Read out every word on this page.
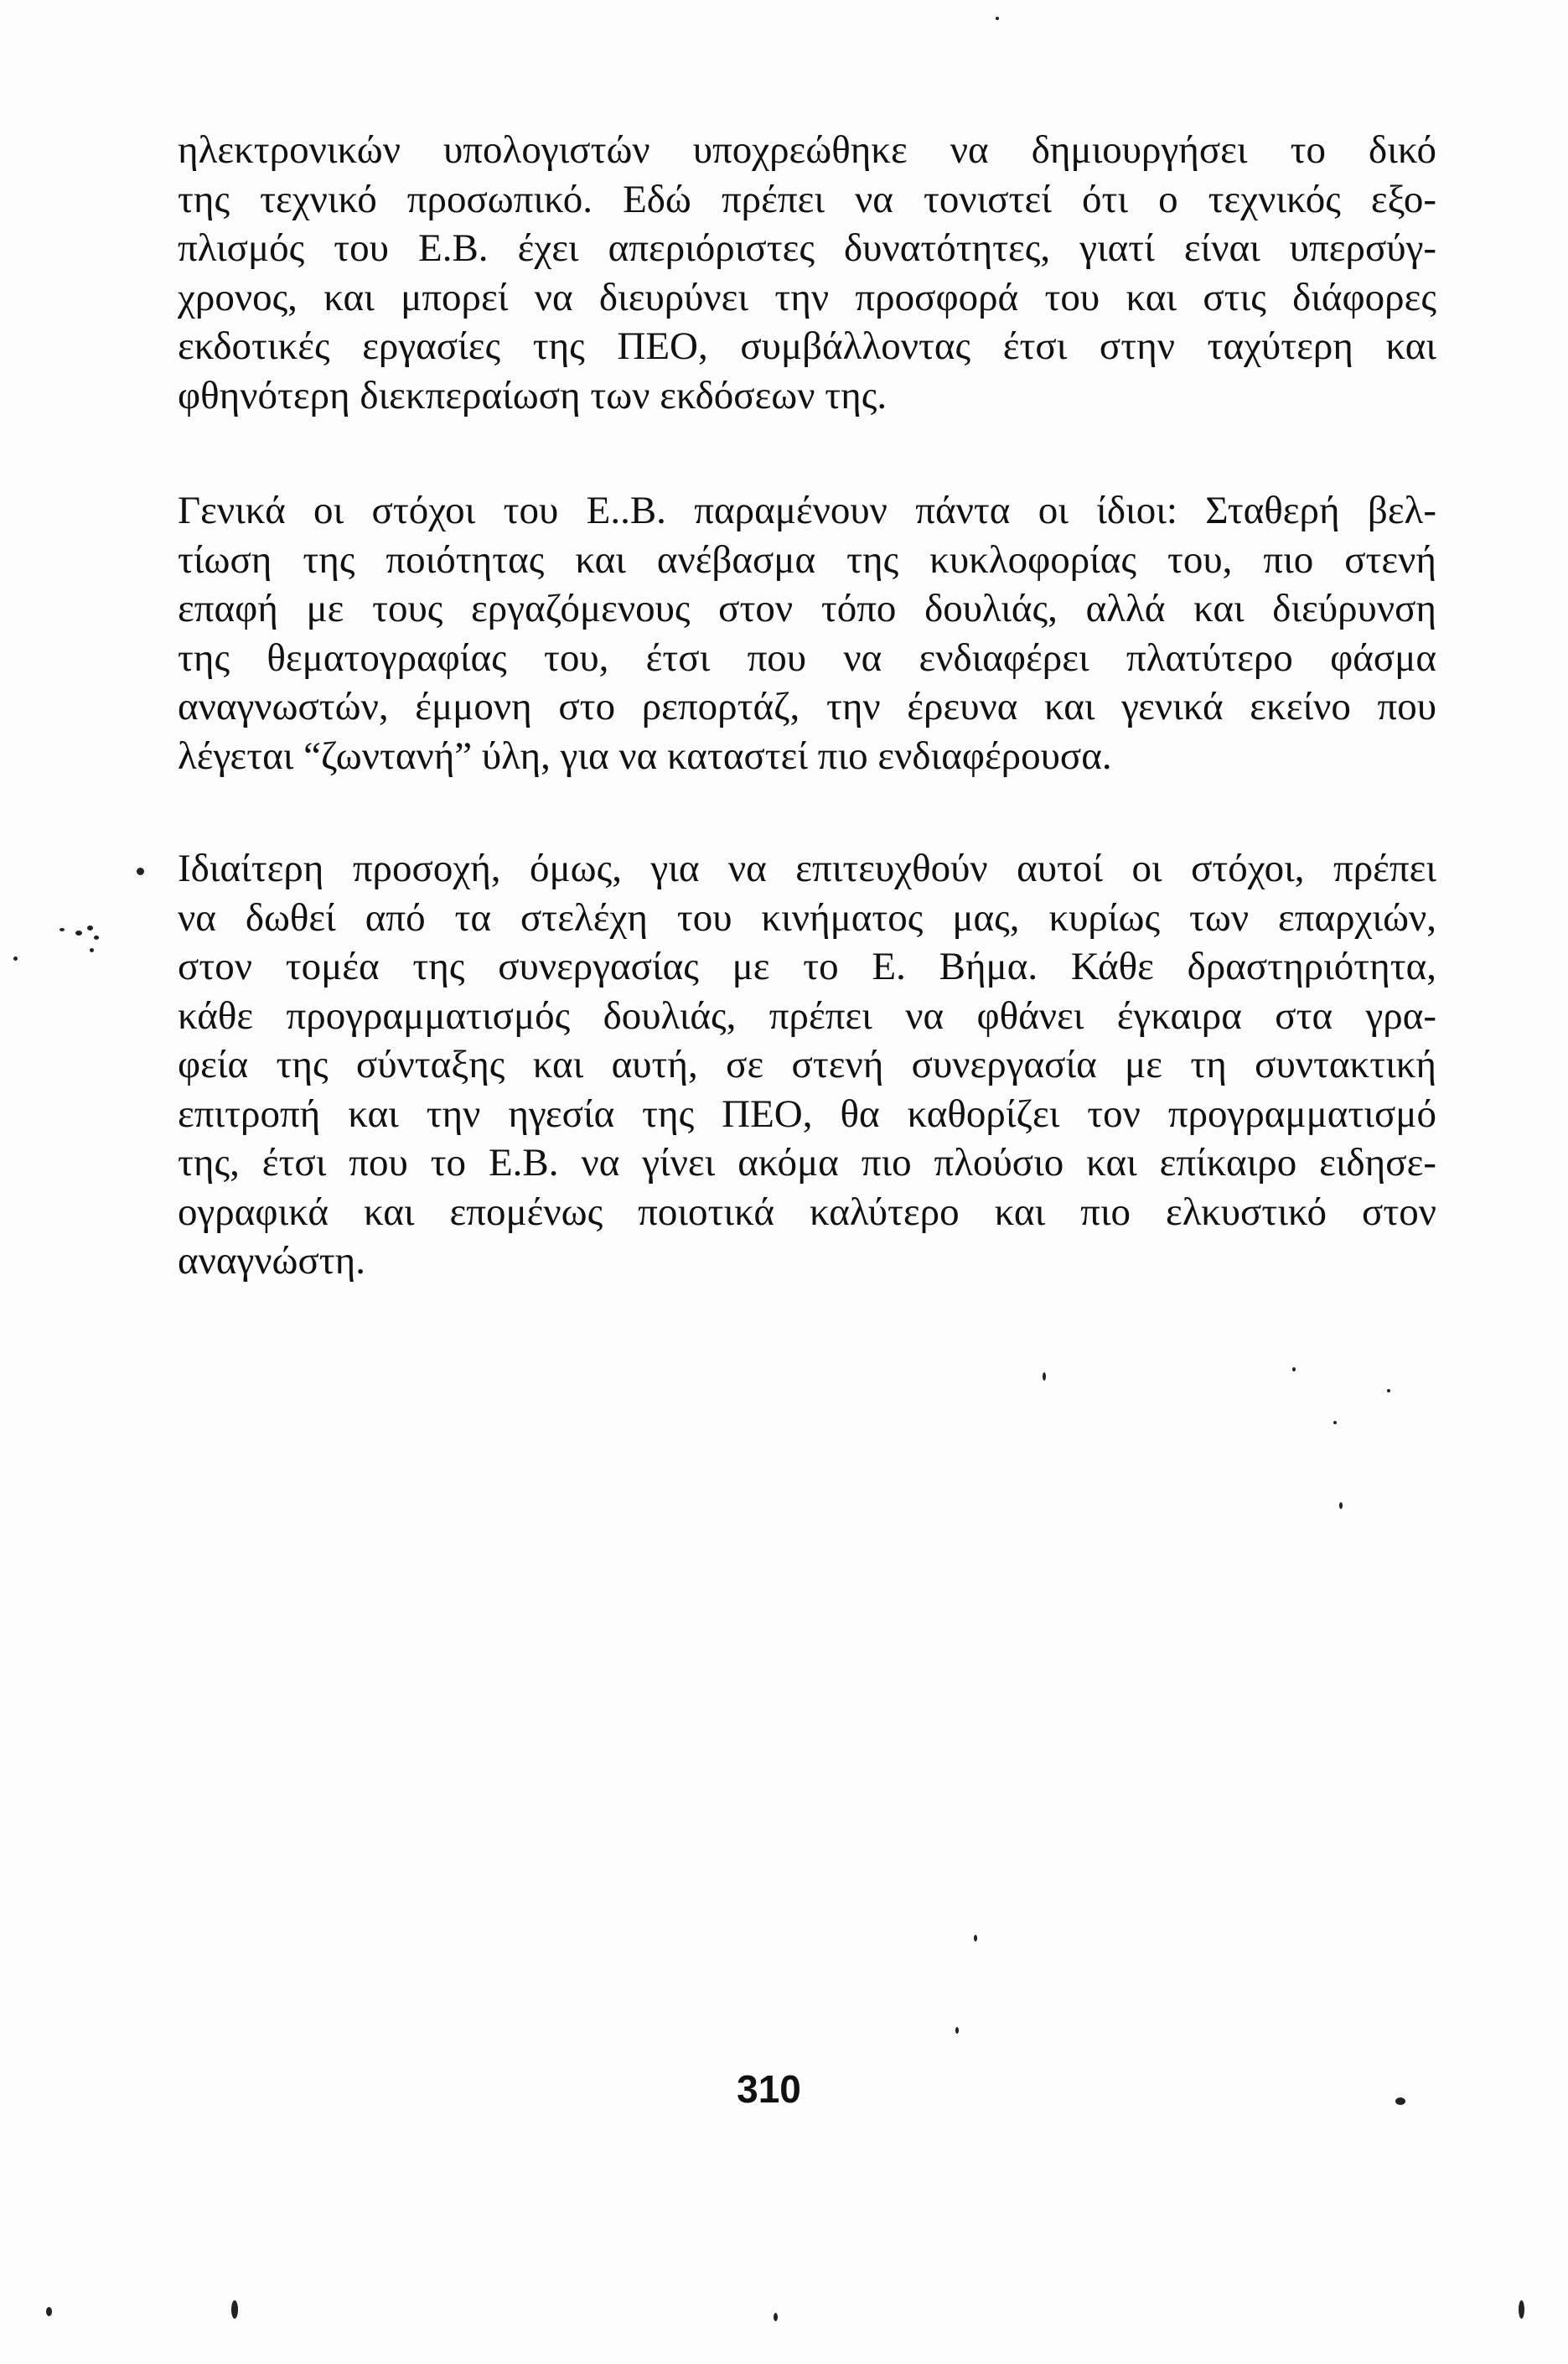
ηλεκτρονικών υπολογιστών υποχρεώθηκε να δημιουργήσει το δικό
της τεχνικό προσωπικό. Εδώ πρέπει να τονιστεί ότι ο τεχνικός εξο-
πλισμός του Ε.Β. έχει απεριόριστες δυνατότητες, γιατί είναι υπερσύγ-
χρονος, και μπορεί να διευρύνει την προσφορά του και στις διάφορες
εκδοτικές εργασίες της ΠΕΟ, συμβάλλοντας έτσι στην ταχύτερη και
φθηνότερη διεκπεραίωση των εκδόσεων της.
Γενικά οι στόχοι του Ε..Β. παραμένουν πάντα οι ίδιοι: Σταθερή βελ-
τίωση της ποιότητας και ανέβασμα της κυκλοφορίας του, πιο στενή
επαφή με τους εργαζόμενους στον τόπο δουλιάς, αλλά και διεύρυνση
της θεματογραφίας του, έτσι που να ενδιαφέρει πλατύτερο φάσμα
αναγνωστών, έμμονη στο ρεπορτάζ, την έρευνα και γενικά εκείνο που
λέγεται “ζωντανή” ύλη, για να καταστεί πιο ενδιαφέρουσα.
Ιδιαίτερη προσοχή, όμως, για να επιτευχθούν αυτοί οι στόχοι, πρέπει
να δωθεί από τα στελέχη του κινήματος μας, κυρίως των επαρχιών,
στον τομέα της συνεργασίας με το Ε. Βήμα. Κάθε δραστηριότητα,
κάθε προγραμματισμός δουλιάς, πρέπει να φθάνει έγκαιρα στα γρα-
φεία της σύνταξης και αυτή, σε στενή συνεργασία με τη συντακτική
επιτροπή και την ηγεσία της ΠΕΟ, θα καθορίζει τον προγραμματισμό
της, έτσι που το Ε.Β. να γίνει ακόμα πιο πλούσιο και επίκαιρο ειδησε-
ογραφικά και επομένως ποιοτικά καλύτερο και πιο ελκυστικό στον
αναγνώστη.
310
